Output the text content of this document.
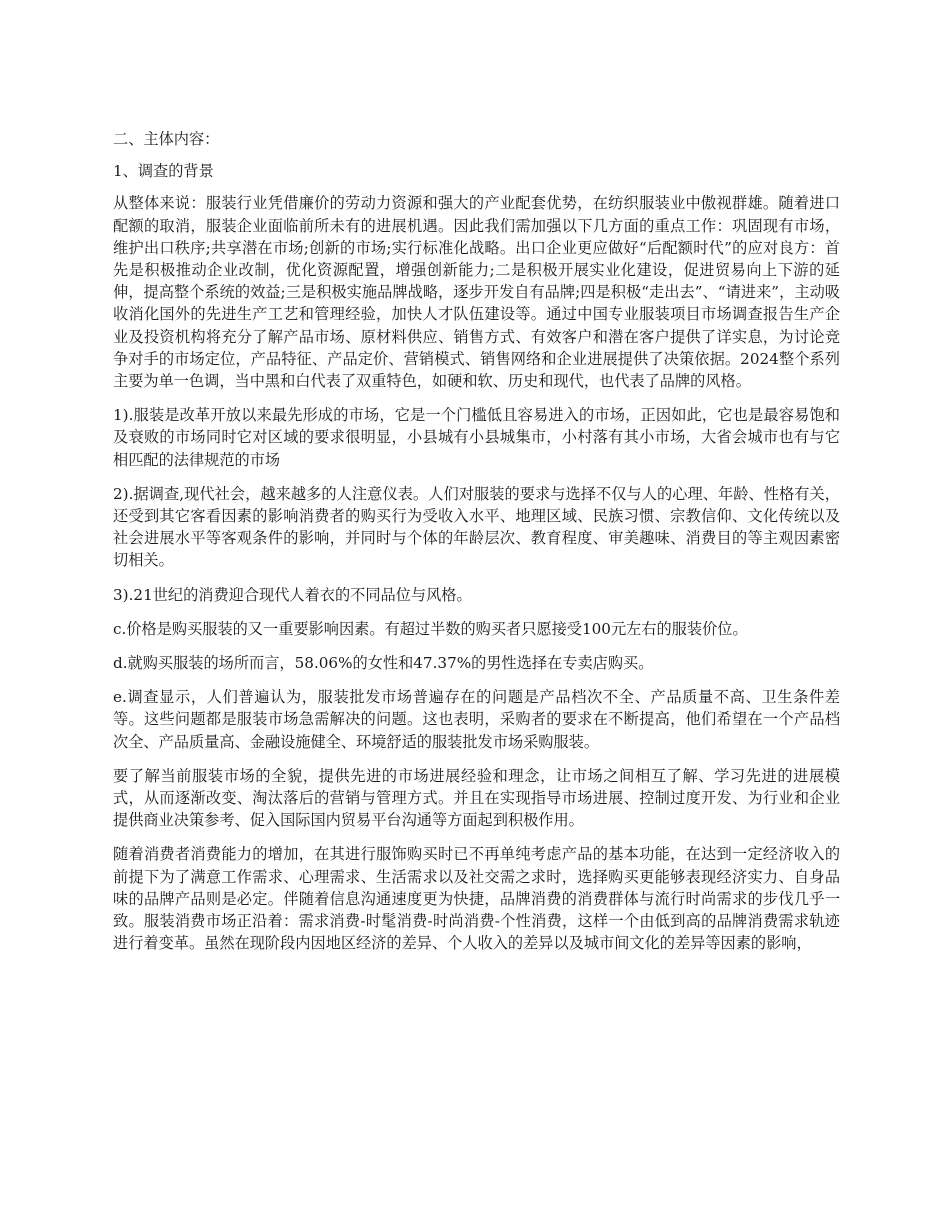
二、主体内容：

1、调查的背景

从整体来说：服装行业凭借廉价的劳动力资源和强大的产业配套优势，在纺织服装业中傲视群雄。随着进口配额的取消，服装企业面临前所未有的进展机遇。因此我们需加强以下几方面的重点工作：巩固现有市场，维护出口秩序;共享潜在市场;创新的市场;实行标准化战略。出口企业更应做好“后配额时代”的应对良方：首先是积极推动企业改制，优化资源配置，增强创新能力;二是积极开展实业化建设，促进贸易向上下游的延伸，提高整个系统的效益;三是积极实施品牌战略，逐步开发自有品牌;四是积极“走出去”、“请进来”，主动吸收消化国外的先进生产工艺和管理经验，加快人才队伍建设等。通过中国专业服装项目市场调查报告生产企业及投资机构将充分了解产品市场、原材料供应、销售方式、有效客户和潜在客户提供了详实息，为讨论竞争对手的市场定位，产品特征、产品定价、营销模式、销售网络和企业进展提供了决策依据。2024整个系列主要为单一色调，当中黑和白代表了双重特色，如硬和软、历史和现代，也代表了品牌的风格。

1).服装是改革开放以来最先形成的市场，它是一个门槛低且容易进入的市场，正因如此，它也是最容易饱和及衰败的市场同时它对区域的要求很明显，小县城有小县城集市，小村落有其小市场，大省会城市也有与它相匹配的法律规范的市场

2).据调查,现代社会，越来越多的人注意仪表。人们对服装的要求与选择不仅与人的心理、年龄、性格有关，还受到其它客看因素的影响消费者的购买行为受收入水平、地理区域、民族习惯、宗教信仰、文化传统以及社会进展水平等客观条件的影响，并同时与个体的年龄层次、教育程度、审美趣味、消费目的等主观因素密切相关。

3).21世纪的消费迎合现代人着衣的不同品位与风格。

c.价格是购买服装的又一重要影响因素。有超过半数的购买者只愿接受100元左右的服装价位。

d.就购买服装的场所而言，58.06%的女性和47.37%的男性选择在专卖店购买。

e.调查显示，人们普遍认为，服装批发市场普遍存在的问题是产品档次不全、产品质量不高、卫生条件差等。这些问题都是服装市场急需解决的问题。这也表明，采购者的要求在不断提高，他们希望在一个产品档次全、产品质量高、金融设施健全、环境舒适的服装批发市场采购服装。

要了解当前服装市场的全貌，提供先进的市场进展经验和理念，让市场之间相互了解、学习先进的进展模式，从而逐渐改变、淘汰落后的营销与管理方式。并且在实现指导市场进展、控制过度开发、为行业和企业提供商业决策参考、促入国际国内贸易平台沟通等方面起到积极作用。

随着消费者消费能力的增加，在其进行服饰购买时已不再单纯考虑产品的基本功能，在达到一定经济收入的前提下为了满意工作需求、心理需求、生活需求以及社交需之求时，选择购买更能够表现经济实力、自身品味的品牌产品则是必定。伴随着信息沟通速度更为快捷，品牌消费的消费群体与流行时尚需求的步伐几乎一致。服装消费市场正沿着：需求消费-时髦消费-时尚消费-个性消费，这样一个由低到高的品牌消费需求轨迹进行着变革。虽然在现阶段内因地区经济的差异、个人收入的差异以及城市间文化的差异等因素的影响，
